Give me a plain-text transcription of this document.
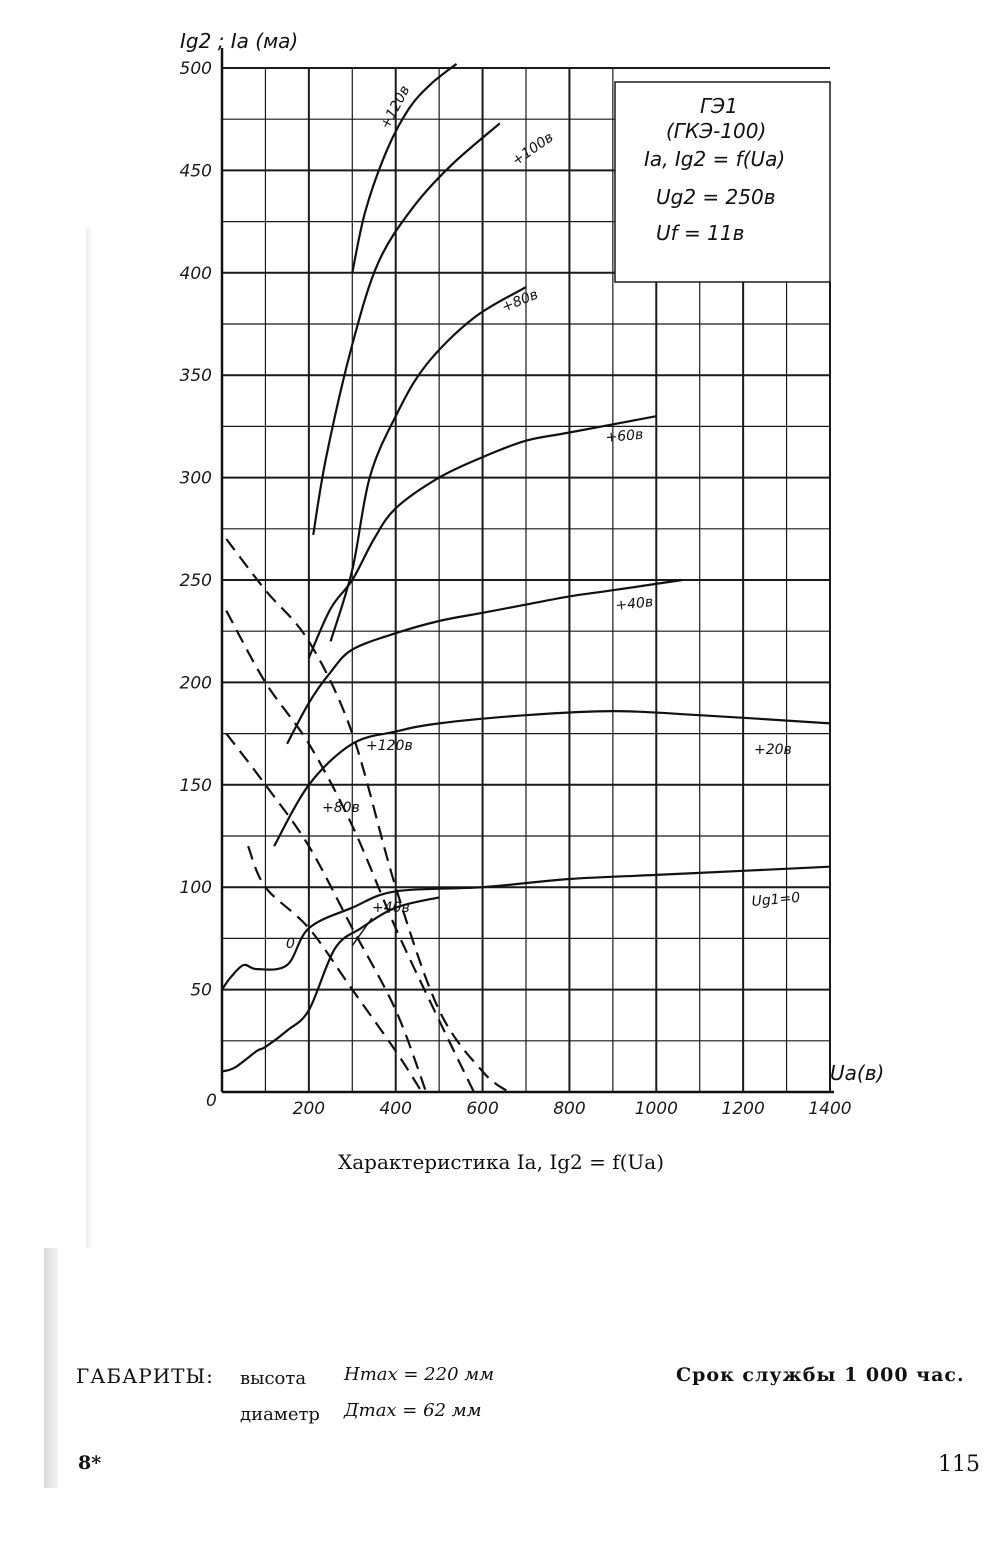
500
450
400
350
300
250
200
150
100
50
200	400	600	800	1000	1200	1400
+120в
+100в
+80в
+60в
+40в
+20в
Ug1=0
+120в
+80в
+40в
0
Ig2 ; Ia (ма)
Ua(в)
0
ГЭ1
(ГКЭ-100)
Ia, Ig2 = f(Ua)
Ug2 = 250в
Uf = 11в
Характеристика Ia, Ig2 = f(Ua)
ГАБАРИТЫ: высота Hmax = 220 мм
диаметр Дmax = 62 мм
Срок службы 1 000 час.
8*	115
